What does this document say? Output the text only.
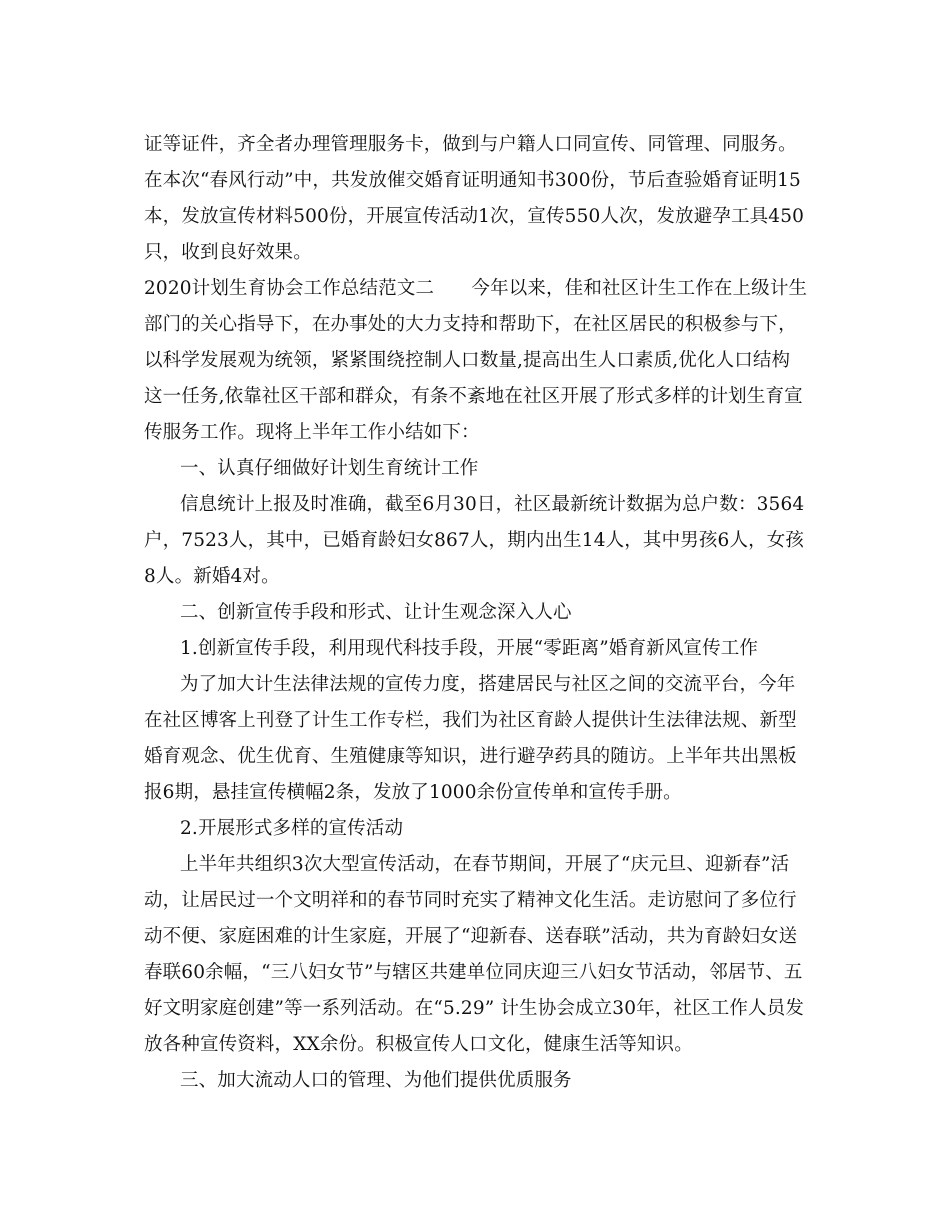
证等证件，齐全者办理管理服务卡，做到与户籍人口同宣传、同管理、同服务。
在本次“春风行动”中，共发放催交婚育证明通知书300份，节后查验婚育证明15
本，发放宣传材料500份，开展宣传活动1次，宣传550人次，发放避孕工具450
只，收到良好效果。
2020计划生育协会工作总结范文二　　今年以来，佳和社区计生工作在上级计生
部门的关心指导下，在办事处的大力支持和帮助下，在社区居民的积极参与下，
以科学发展观为统领，紧紧围绕控制人口数量,提高出生人口素质,优化人口结构
这一任务,依靠社区干部和群众，有条不紊地在社区开展了形式多样的计划生育宣
传服务工作。现将上半年工作小结如下：
一、认真仔细做好计划生育统计工作
信息统计上报及时准确，截至6月30日，社区最新统计数据为总户数：3564
户，7523人，其中，已婚育龄妇女867人，期内出生14人，其中男孩6人，女孩
8人。新婚4对。
二、创新宣传手段和形式、让计生观念深入人心
1.创新宣传手段，利用现代科技手段，开展“零距离”婚育新风宣传工作
为了加大计生法律法规的宣传力度，搭建居民与社区之间的交流平台，今年
在社区博客上刊登了计生工作专栏，我们为社区育龄人提供计生法律法规、新型
婚育观念、优生优育、生殖健康等知识，进行避孕药具的随访。上半年共出黑板
报6期，悬挂宣传横幅2条，发放了1000余份宣传单和宣传手册。
2.开展形式多样的宣传活动
上半年共组织3次大型宣传活动，在春节期间，开展了“庆元旦、迎新春”活
动，让居民过一个文明祥和的春节同时充实了精神文化生活。走访慰问了多位行
动不便、家庭困难的计生家庭，开展了“迎新春、送春联”活动，共为育龄妇女送
春联60余幅，“三八妇女节”与辖区共建单位同庆迎三八妇女节活动，邻居节、五
好文明家庭创建”等一系列活动。在“5.29” 计生协会成立30年，社区工作人员发
放各种宣传资料，XX余份。积极宣传人口文化，健康生活等知识。
三、加大流动人口的管理、为他们提供优质服务
